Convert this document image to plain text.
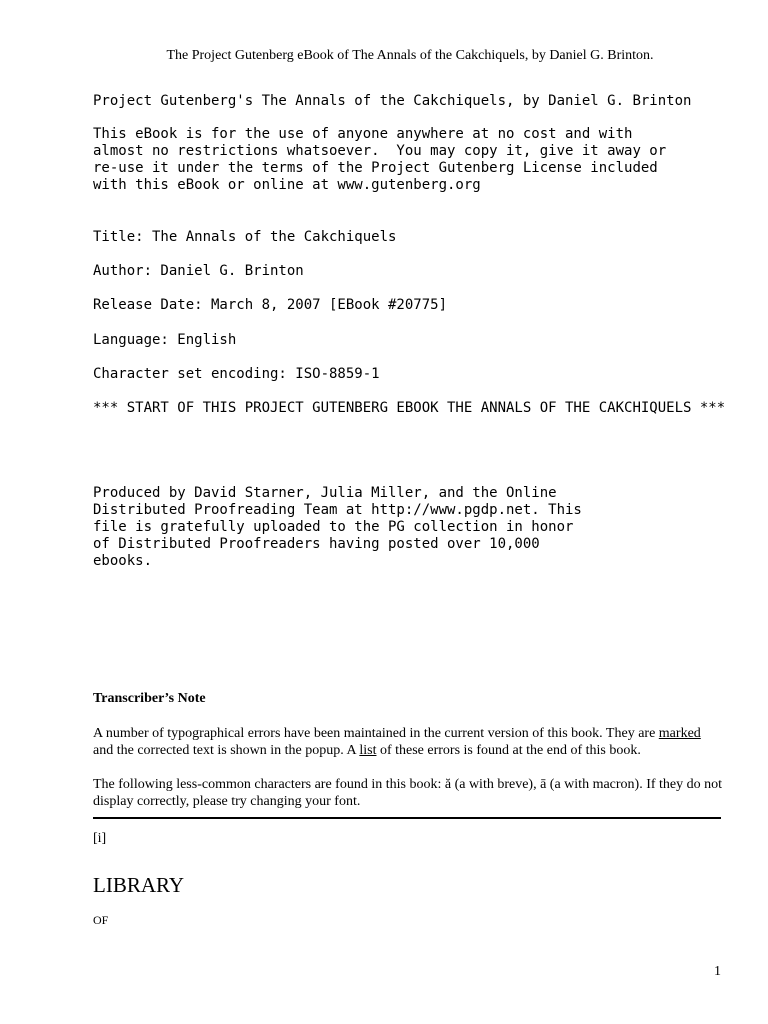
The Project Gutenberg eBook of The Annals of the Cakchiquels, by Daniel G. Brinton.

Project Gutenberg's The Annals of the Cakchiquels, by Daniel G. Brinton

This eBook is for the use of anyone anywhere at no cost and with
almost no restrictions whatsoever.  You may copy it, give it away or
re-use it under the terms of the Project Gutenberg License included
with this eBook or online at www.gutenberg.org

Title: The Annals of the Cakchiquels

Author: Daniel G. Brinton

Release Date: March 8, 2007 [EBook #20775]

Language: English

Character set encoding: ISO-8859-1

*** START OF THIS PROJECT GUTENBERG EBOOK THE ANNALS OF THE CAKCHIQUELS ***

Produced by David Starner, Julia Miller, and the Online
Distributed Proofreading Team at http://www.pgdp.net. This
file is gratefully uploaded to the PG collection in honor
of Distributed Proofreaders having posted over 10,000
ebooks.

Transcriber’s Note

A number of typographical errors have been maintained in the current version of this book. They are marked and the corrected text is shown in the popup. A list of these errors is found at the end of this book.

The following less-common characters are found in this book: ă (a with breve), ā (a with macron). If they do not display correctly, please try changing your font.

[i]

LIBRARY

OF

1
